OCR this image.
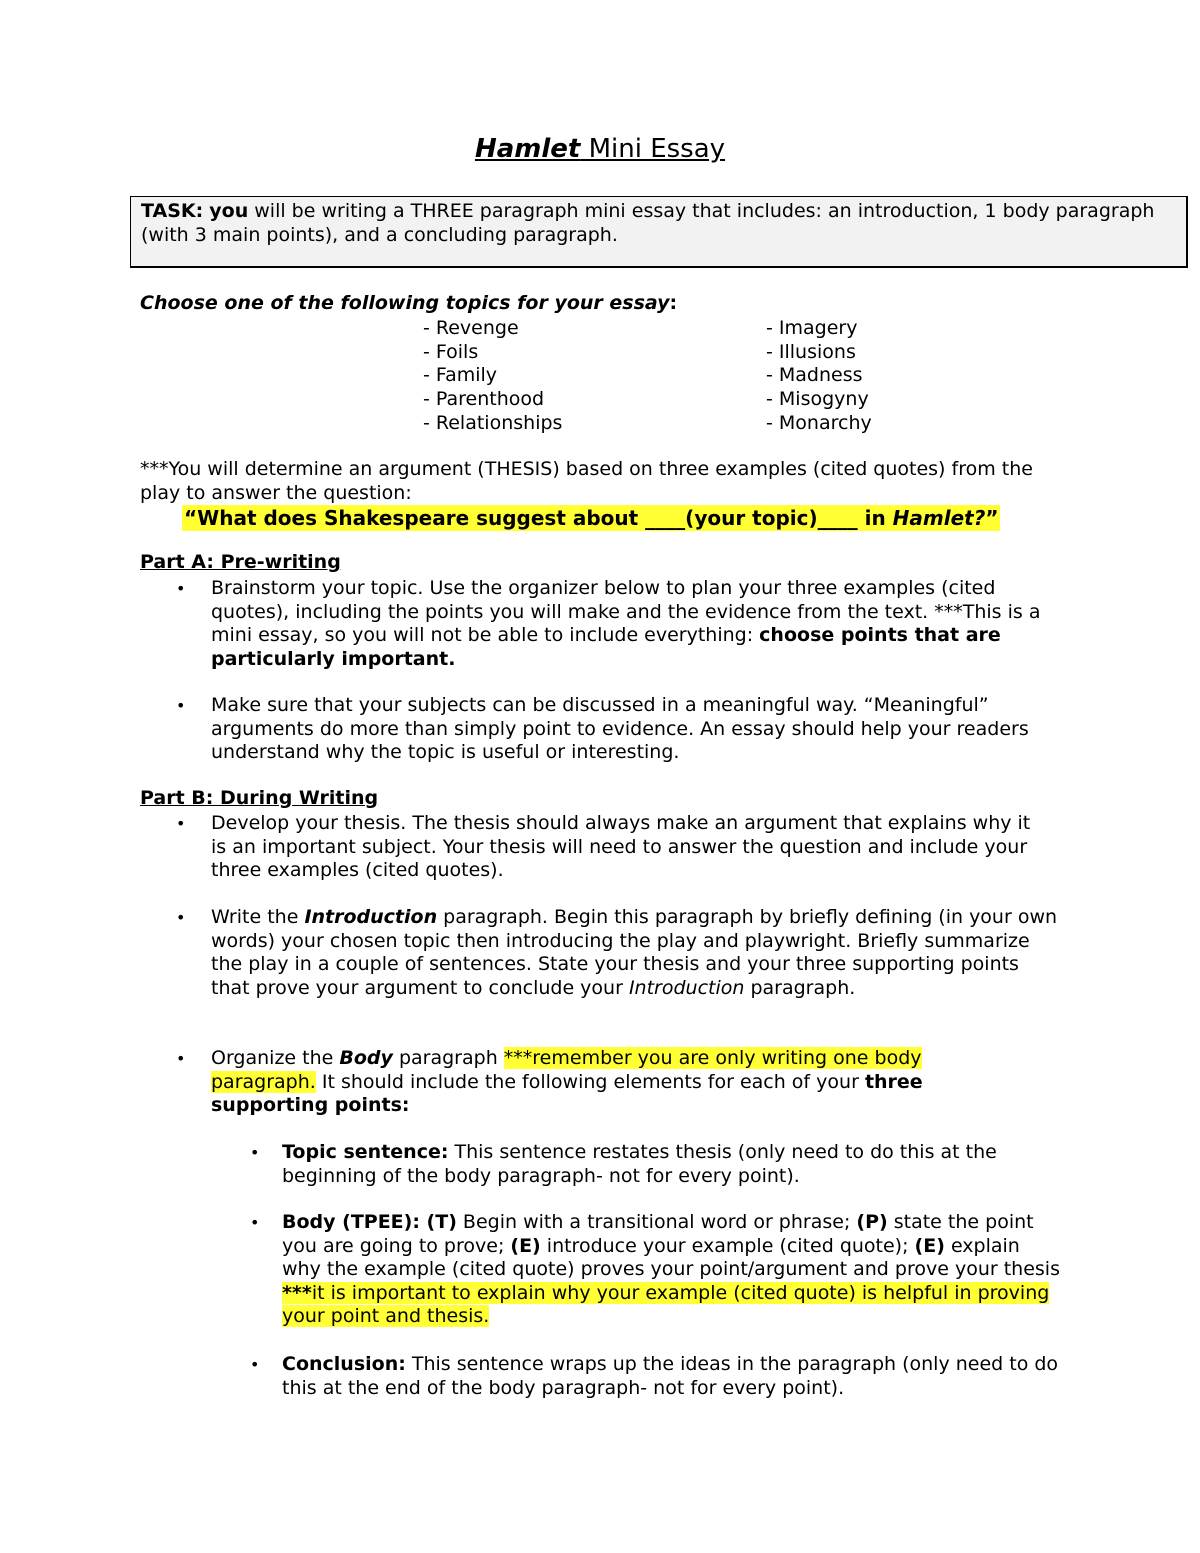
Hamlet Mini Essay
TASK: you will be writing a THREE paragraph mini essay that includes: an introduction, 1 body paragraph (with 3 main points), and a concluding paragraph.
Choose one of the following topics for your essay:
- Revenge
- Foils
- Family
- Parenthood
- Relationships
- Imagery
- Illusions
- Madness
- Misogyny
- Monarchy
***You will determine an argument (THESIS) based on three examples (cited quotes) from the play to answer the question:
“What does Shakespeare suggest about ____(your topic)____ in Hamlet?”
Part A: Pre-writing
• Brainstorm your topic. Use the organizer below to plan your three examples (cited quotes), including the points you will make and the evidence from the text. ***This is a mini essay, so you will not be able to include everything: choose points that are particularly important.
• Make sure that your subjects can be discussed in a meaningful way. “Meaningful” arguments do more than simply point to evidence. An essay should help your readers understand why the topic is useful or interesting.
Part B: During Writing
• Develop your thesis. The thesis should always make an argument that explains why it is an important subject. Your thesis will need to answer the question and include your three examples (cited quotes).
• Write the Introduction paragraph. Begin this paragraph by briefly defining (in your own words) your chosen topic then introducing the play and playwright. Briefly summarize the play in a couple of sentences. State your thesis and your three supporting points that prove your argument to conclude your Introduction paragraph.
• Organize the Body paragraph ***remember you are only writing one body paragraph. It should include the following elements for each of your three supporting points:
• Topic sentence: This sentence restates thesis (only need to do this at the beginning of the body paragraph- not for every point).
• Body (TPEE): (T) Begin with a transitional word or phrase; (P) state the point you are going to prove; (E) introduce your example (cited quote); (E) explain why the example (cited quote) proves your point/argument and prove your thesis ***it is important to explain why your example (cited quote) is helpful in proving your point and thesis.
• Conclusion: This sentence wraps up the ideas in the paragraph (only need to do this at the end of the body paragraph- not for every point).
